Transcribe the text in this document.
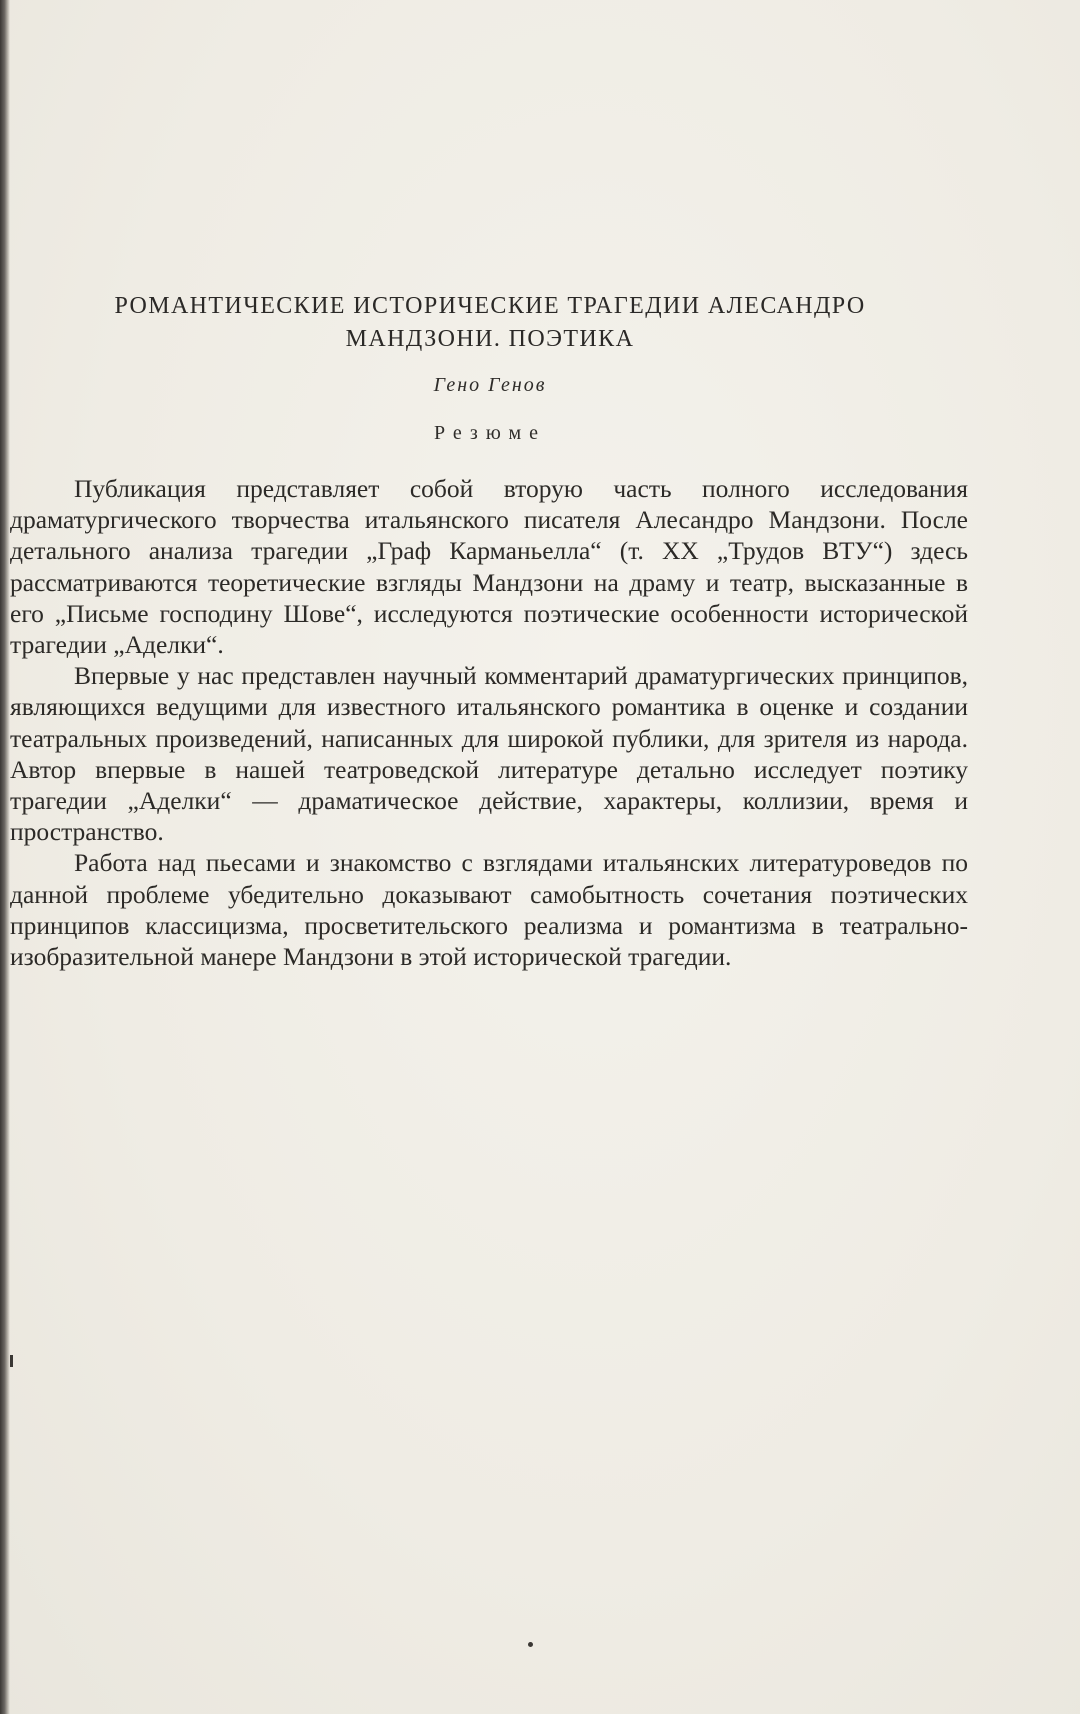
РОМАНТИЧЕСКИЕ ИСТОРИЧЕСКИЕ ТРАГЕДИИ АЛЕСАНДРО МАНДЗОНИ. ПОЭТИКА
Гено Генов
Резюме

Публикация представляет собой вторую часть полного исследования драматургического творчества итальянского писателя Алесандро Мандзони. После детального анализа трагедии „Граф Карманьелла“ (т. XX „Трудов ВТУ“) здесь рассматриваются теоретические взгляды Мандзони на драму и театр, высказанные в его „Письме господину Шове“, исследуются поэтические особенности исторической трагедии „Аделки“.

Впервые у нас представлен научный комментарий драматургических принципов, являющихся ведущими для известного итальянского романтика в оценке и создании театральных произведений, написанных для широкой публики, для зрителя из народа. Автор впервые в нашей театроведской литературе детально исследует поэтику трагедии „Аделки“ — драматическое действие, характеры, коллизии, время и пространство.

Работа над пьесами и знакомство с взглядами итальянских литературоведов по данной проблеме убедительно доказывают самобытность сочетания поэтических принципов классицизма, просветительского реализма и романтизма в театрально-изобразительной манере Мандзони в этой исторической трагедии.
